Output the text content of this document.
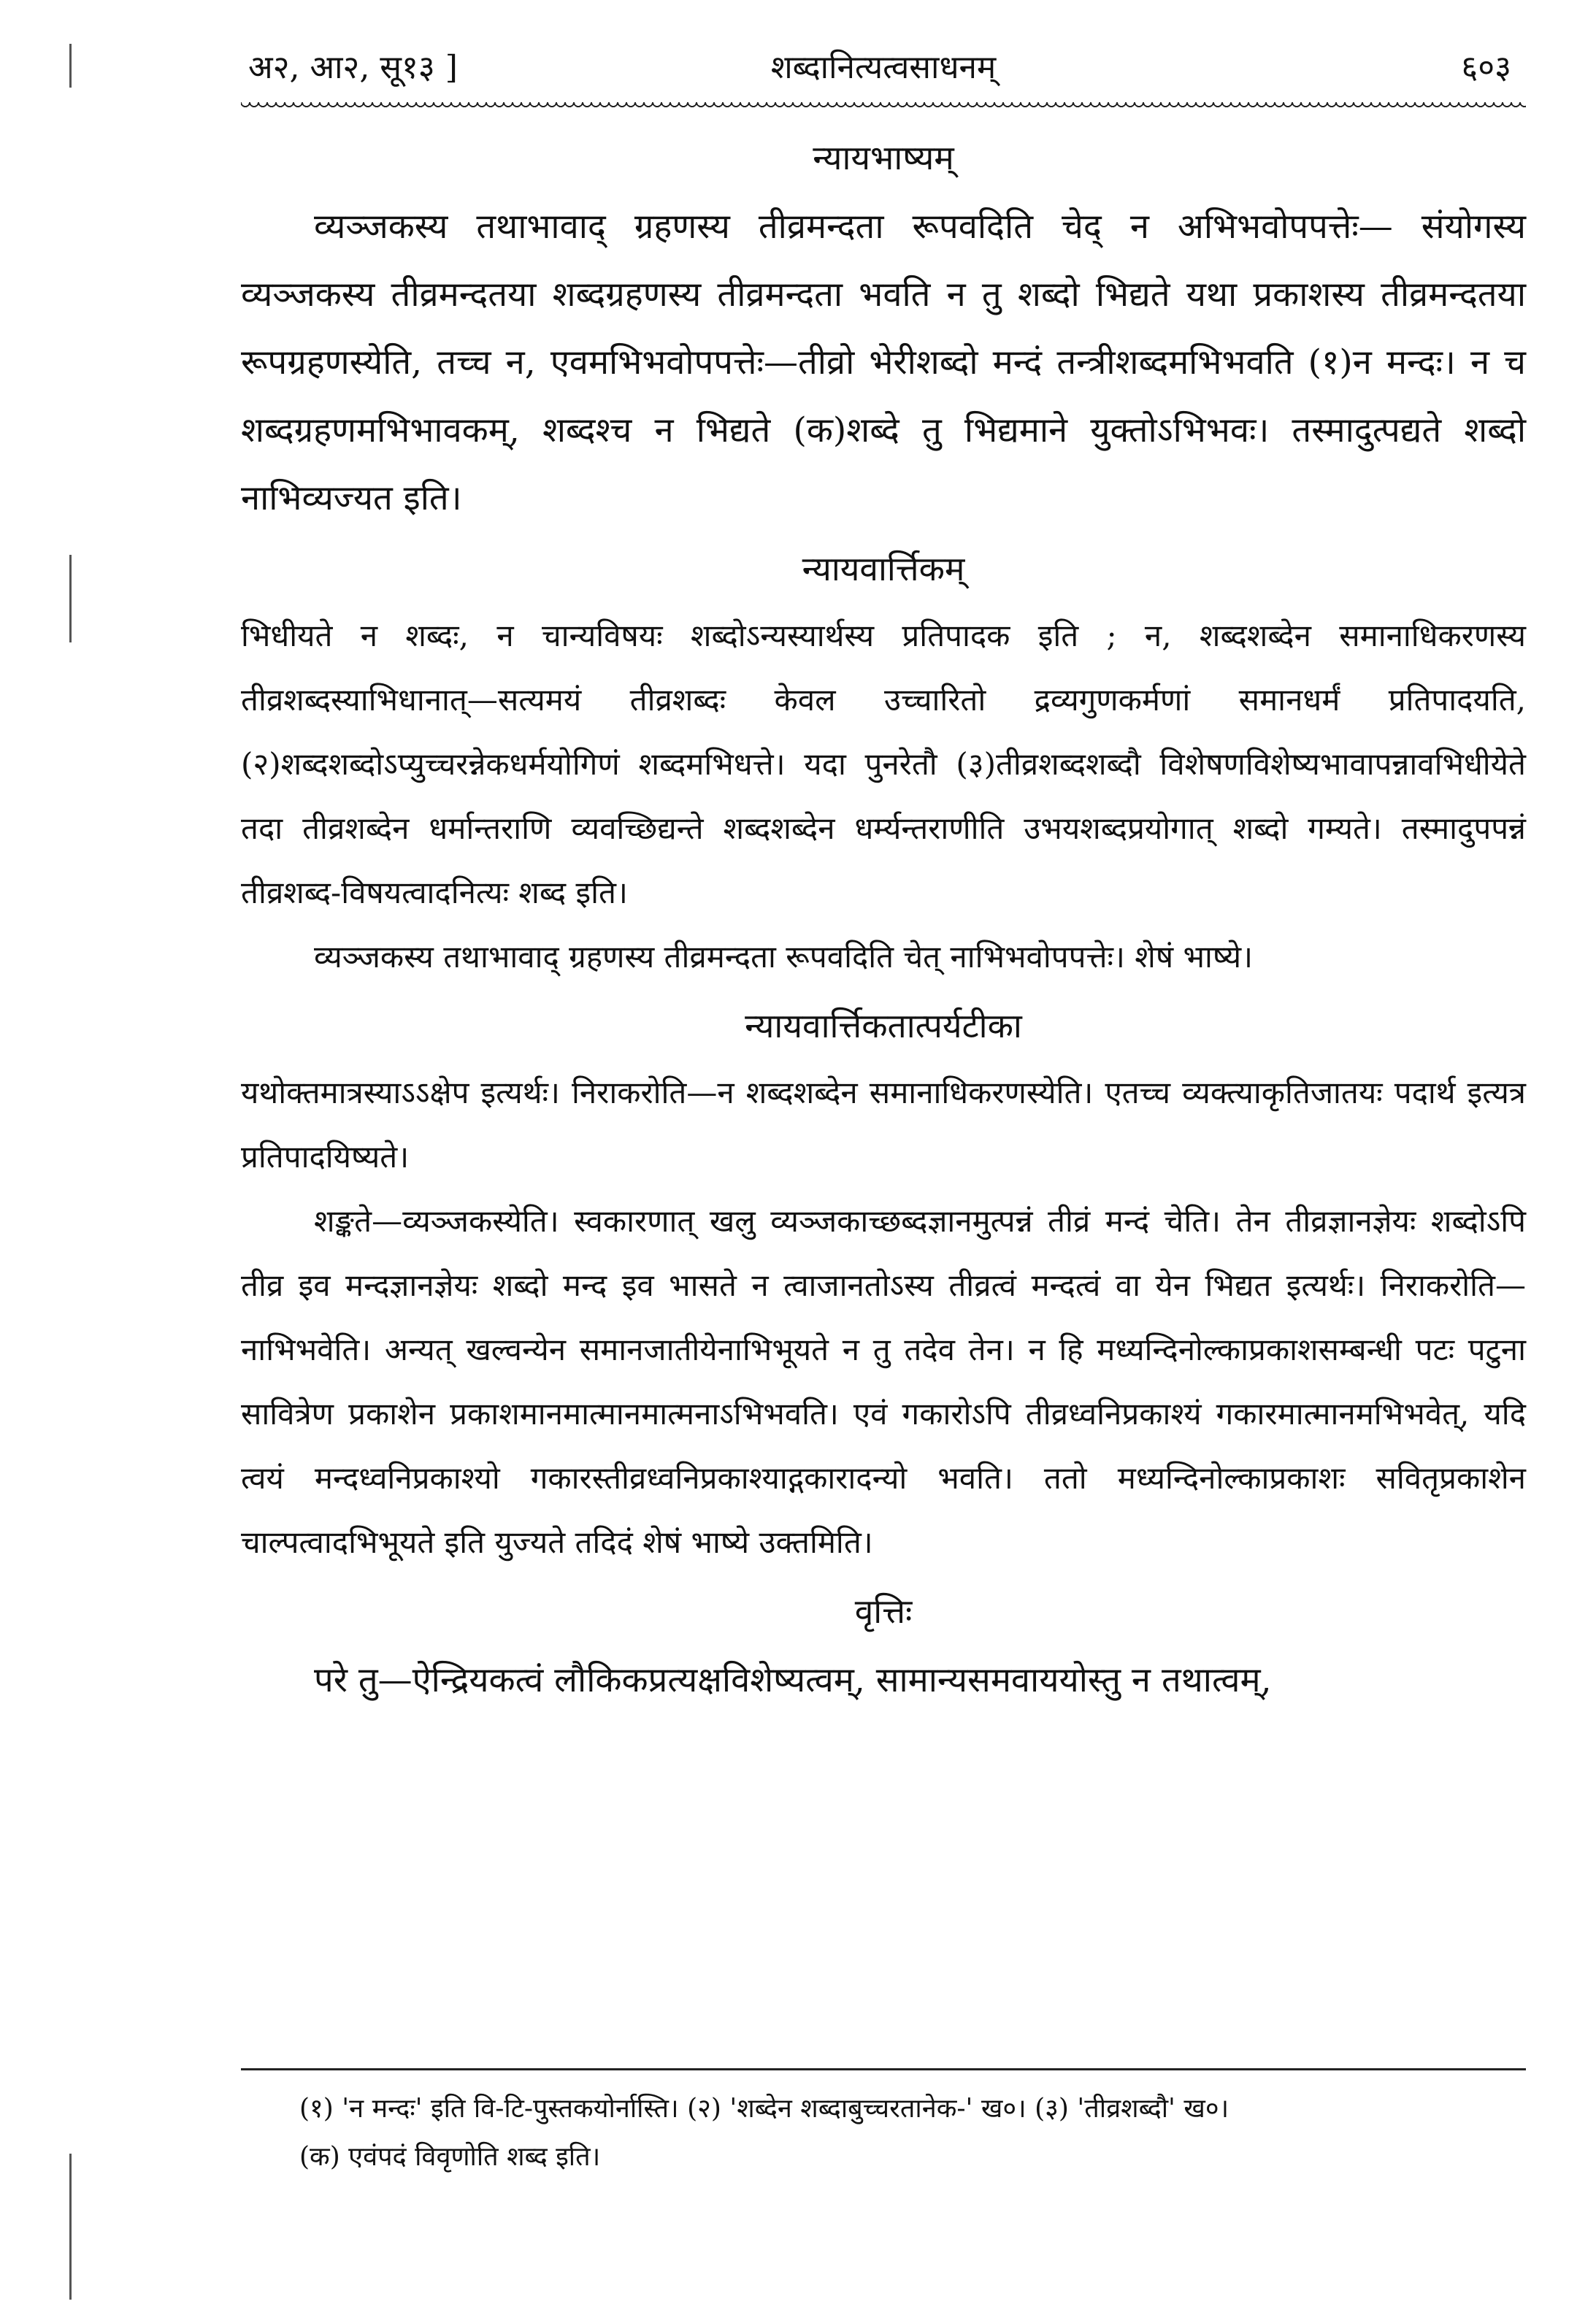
अ२, आ२, सू१३ ]	शब्दानित्यत्वसाधनम्	६०३
न्यायभाष्यम्

व्यञ्जकस्य तथाभावाद् ग्रहणस्य तीव्रमन्दता रूपवदिति चेद् न अभिभवोपपत्तेः— संयोगस्य व्यञ्जकस्य तीव्रमन्दतया शब्दग्रहणस्य तीव्रमन्दता भवति न तु शब्दो भिद्यते यथा प्रकाशस्य तीव्रमन्दतया रूपग्रहणस्येति, तच्च न, एवमभिभवोपपत्तेः—तीव्रो भेरीशब्दो मन्दं तन्त्रीशब्दमभिभवति (१)न मन्दः। न च शब्दग्रहणमभिभावकम्, शब्दश्च न भिद्यते (क)शब्दे तु भिद्यमाने युक्तोऽभिभवः। तस्मादुत्पद्यते शब्दो नाभिव्यज्यत इति।

न्यायवार्त्तिकम्

भिधीयते न शब्दः, न चान्यविषयः शब्दोऽन्यस्यार्थस्य प्रतिपादक इति ; न, शब्दशब्देन समानाधिकरणस्य तीव्रशब्दस्याभिधानात्—सत्यमयं तीव्रशब्दः केवल उच्चारितो द्रव्यगुणकर्मणां समानधर्मं प्रतिपादयति, (२)शब्दशब्दोऽप्युच्चरन्नेकधर्मयोगिणं शब्दमभिधत्ते। यदा पुनरेतौ (३)तीव्रशब्दशब्दौ विशेषणविशेष्यभावापन्नावभिधीयेते तदा तीव्रशब्देन धर्मान्तराणि व्यवच्छिद्यन्ते शब्दशब्देन धर्म्यन्तराणीति उभयशब्दप्रयोगात् शब्दो गम्यते। तस्मादुपपन्नं तीव्रशब्द-विषयत्वादनित्यः शब्द इति।

व्यञ्जकस्य तथाभावाद् ग्रहणस्य तीव्रमन्दता रूपवदिति चेत् नाभिभवोपपत्तेः। शेषं भाष्ये।

न्यायवार्त्तिकतात्पर्यटीका

यथोक्तमात्रस्याऽऽक्षेप इत्यर्थः। निराकरोति—न शब्दशब्देन समानाधिकरणस्येति। एतच्च व्यक्त्याकृतिजातयः पदार्थ इत्यत्र प्रतिपादयिष्यते।

शङ्कते—व्यञ्जकस्येति। स्वकारणात् खलु व्यञ्जकाच्छब्दज्ञानमुत्पन्नं तीव्रं मन्दं चेति। तेन तीव्रज्ञानज्ञेयः शब्दोऽपि तीव्र इव मन्दज्ञानज्ञेयः शब्दो मन्द इव भासते न त्वाजानतोऽस्य तीव्रत्वं मन्दत्वं वा येन भिद्यत इत्यर्थः। निराकरोति—नाभिभवेति। अन्यत् खल्वन्येन समानजातीयेनाभिभूयते न तु तदेव तेन। न हि मध्यन्दिनोल्काप्रकाशसम्बन्धी पटः पटुना सावित्रेण प्रकाशेन प्रकाशमानमात्मानमात्मनाऽभिभवति। एवं गकारोऽपि तीव्रध्वनिप्रकाश्यं गकारमात्मानमभिभवेत्, यदि त्वयं मन्दध्वनिप्रकाश्यो गकारस्तीव्रध्वनिप्रकाश्याद्गकारादन्यो भवति। ततो मध्यन्दिनोल्काप्रकाशः सवितृप्रकाशेन चाल्पत्वादभिभूयते इति युज्यते तदिदं शेषं भाष्ये उक्तमिति।

वृत्तिः

परे तु—ऐन्द्रियकत्वं लौकिकप्रत्यक्षविशेष्यत्वम्, सामान्यसमवाययोस्तु न तथात्वम्,

(१) 'न मन्दः' इति वि-टि-पुस्तकयोर्नास्ति। (२) 'शब्देन शब्दाबुच्चरतानेक-' ख०। (३) 'तीव्रशब्दौ' ख०।

(क) एवंपदं विवृणोति शब्द इति।
